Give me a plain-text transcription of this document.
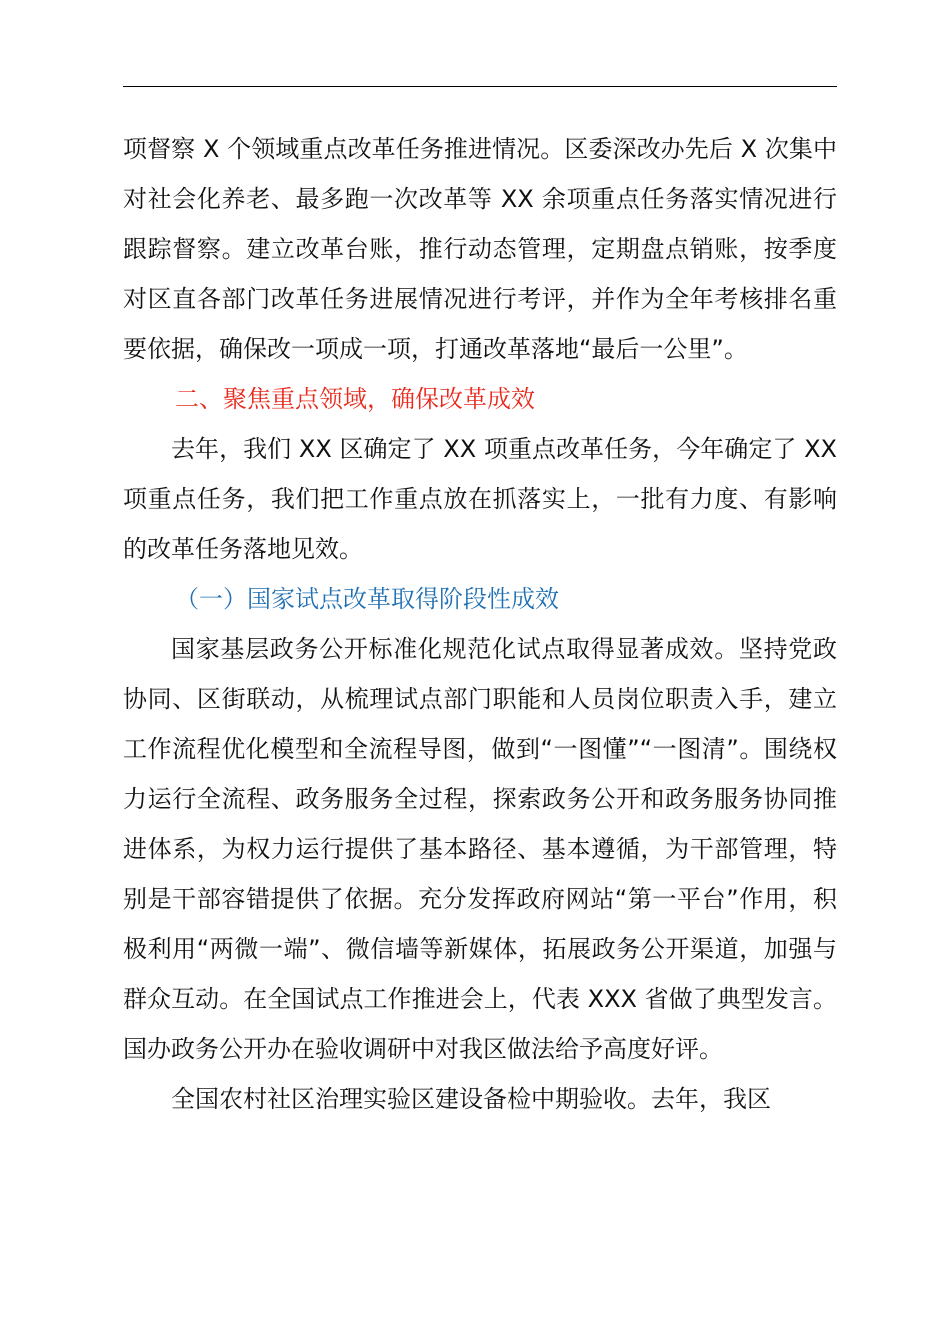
项督察 X 个领域重点改革任务推进情况。区委深改办先后 X 次集中对社会化养老、最多跑一次改革等 XX 余项重点任务落实情况进行跟踪督察。建立改革台账，推行动态管理，定期盘点销账，按季度对区直各部门改革任务进展情况进行考评，并作为全年考核排名重要依据，确保改一项成一项，打通改革落地“最后一公里”。

二、聚焦重点领域，确保改革成效

去年，我们 XX 区确定了 XX 项重点改革任务，今年确定了 XX 项重点任务，我们把工作重点放在抓落实上，一批有力度、有影响的改革任务落地见效。

（一）国家试点改革取得阶段性成效

国家基层政务公开标准化规范化试点取得显著成效。坚持党政协同、区街联动，从梳理试点部门职能和人员岗位职责入手，建立工作流程优化模型和全流程导图，做到“一图懂”“一图清”。围绕权力运行全流程、政务服务全过程，探索政务公开和政务服务协同推进体系，为权力运行提供了基本路径、基本遵循，为干部管理，特别是干部容错提供了依据。充分发挥政府网站“第一平台”作用，积极利用“两微一端”、微信墙等新媒体，拓展政务公开渠道，加强与群众互动。在全国试点工作推进会上，代表 XXX 省做了典型发言。国办政务公开办在验收调研中对我区做法给予高度好评。

全国农村社区治理实验区建设备检中期验收。去年，我区
